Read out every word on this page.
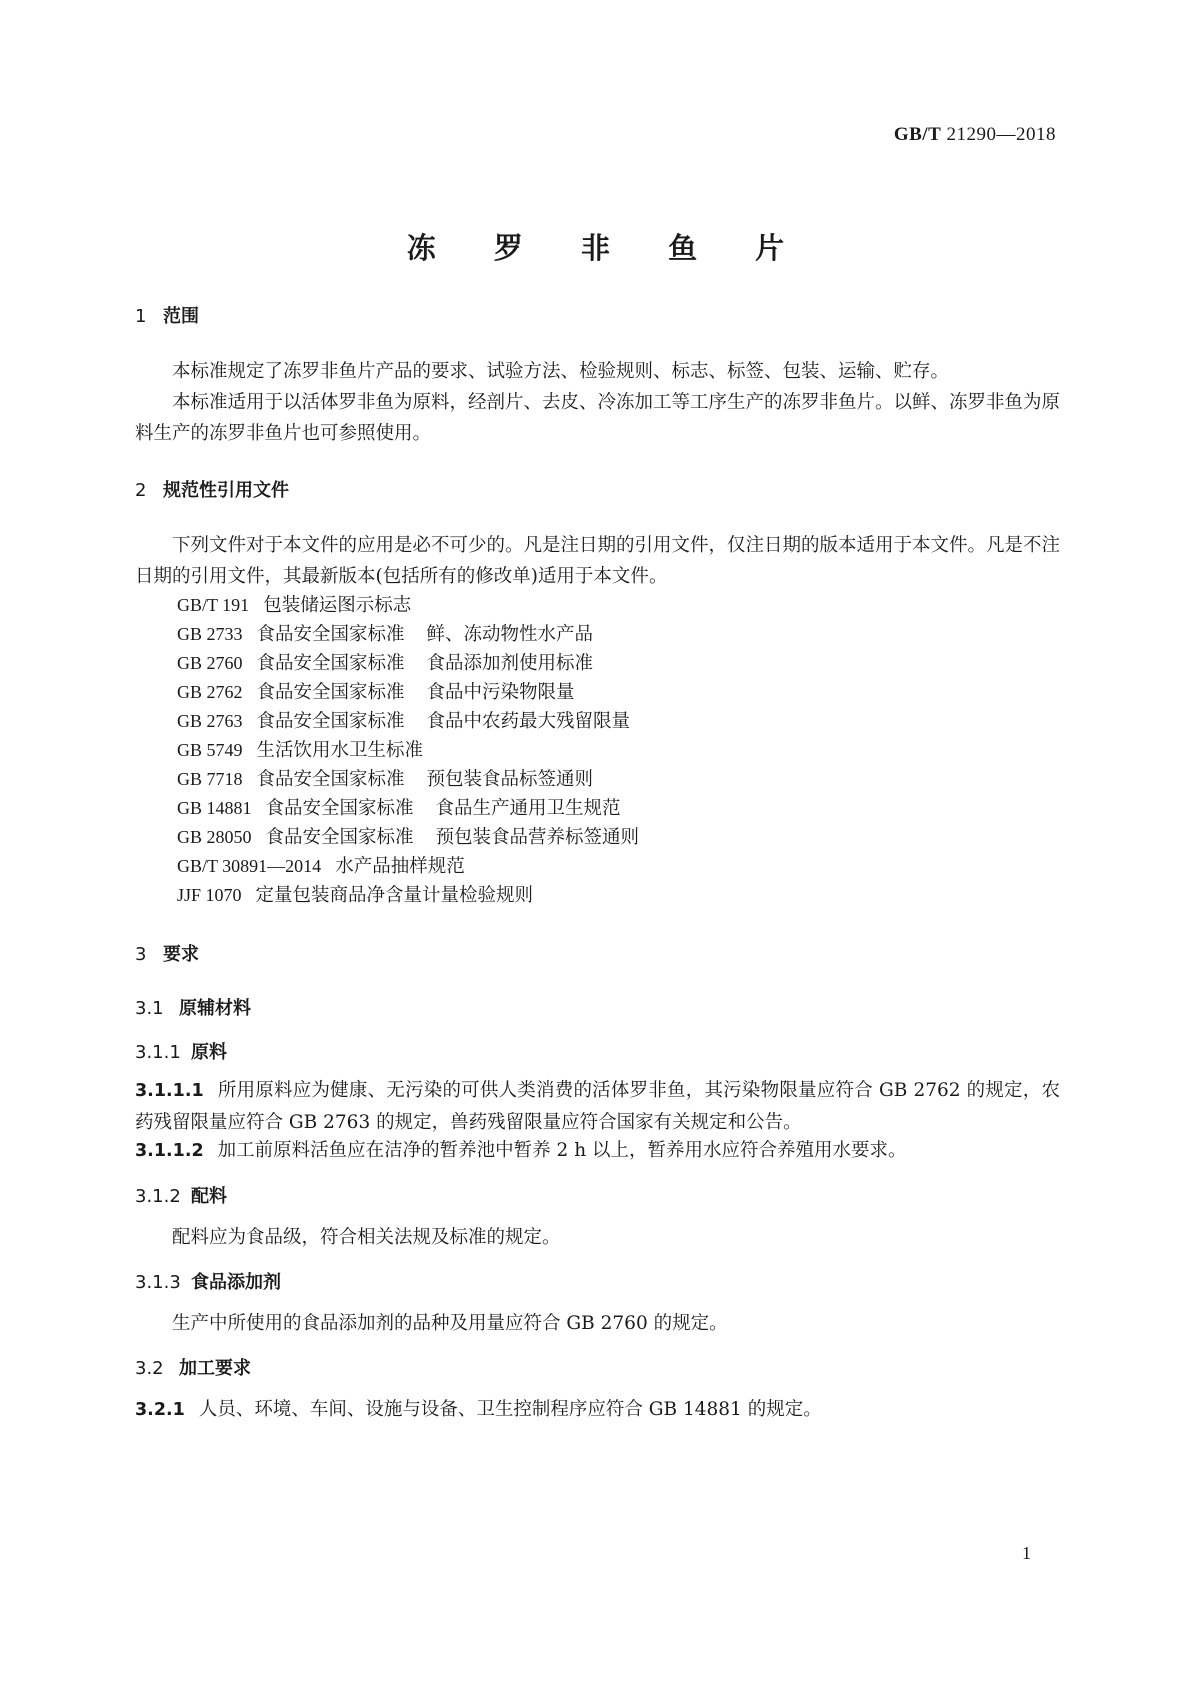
GB/T 21290—2018
冻 罗 非 鱼 片
1 范围
本标准规定了冻罗非鱼片产品的要求、试验方法、检验规则、标志、标签、包装、运输、贮存。
本标准适用于以活体罗非鱼为原料，经剖片、去皮、冷冻加工等工序生产的冻罗非鱼片。以鲜、冻罗非鱼为原料生产的冻罗非鱼片也可参照使用。
2 规范性引用文件
下列文件对于本文件的应用是必不可少的。凡是注日期的引用文件，仅注日期的版本适用于本文件。凡是不注日期的引用文件，其最新版本(包括所有的修改单)适用于本文件。
GB/T 191 包装储运图示标志
GB 2733 食品安全国家标准 鲜、冻动物性水产品
GB 2760 食品安全国家标准 食品添加剂使用标准
GB 2762 食品安全国家标准 食品中污染物限量
GB 2763 食品安全国家标准 食品中农药最大残留限量
GB 5749 生活饮用水卫生标准
GB 7718 食品安全国家标准 预包装食品标签通则
GB 14881 食品安全国家标准 食品生产通用卫生规范
GB 28050 食品安全国家标准 预包装食品营养标签通则
GB/T 30891—2014 水产品抽样规范
JJF 1070 定量包装商品净含量计量检验规则
3 要求
3.1 原辅材料
3.1.1 原料
3.1.1.1 所用原料应为健康、无污染的可供人类消费的活体罗非鱼，其污染物限量应符合 GB 2762 的规定，农药残留限量应符合 GB 2763 的规定，兽药残留限量应符合国家有关规定和公告。
3.1.1.2 加工前原料活鱼应在洁净的暂养池中暂养 2 h 以上，暂养用水应符合养殖用水要求。
3.1.2 配料
配料应为食品级，符合相关法规及标准的规定。
3.1.3 食品添加剂
生产中所使用的食品添加剂的品种及用量应符合 GB 2760 的规定。
3.2 加工要求
3.2.1 人员、环境、车间、设施与设备、卫生控制程序应符合 GB 14881 的规定。
1
